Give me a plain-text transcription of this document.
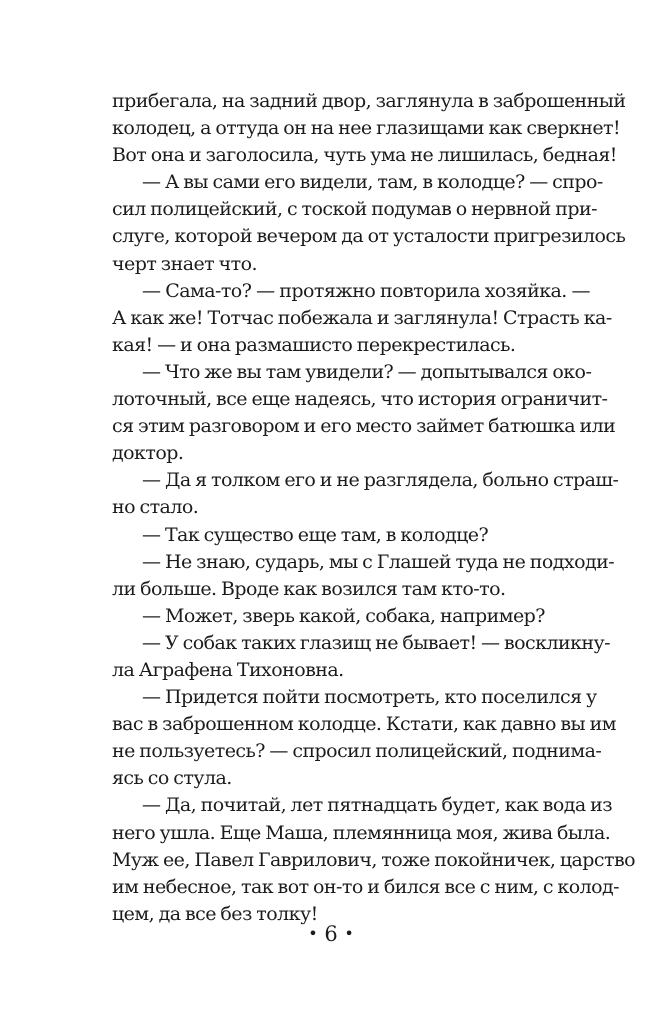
прибегала, на задний двор, заглянула в заброшенный
колодец, а оттуда он на нее глазищами как сверкнет!
Вот она и заголосила, чуть ума не лишилась, бедная!
— А вы сами его видели, там, в колодце? — спро-
сил полицейский, с тоской подумав о нервной при-
слуге, которой вечером да от усталости пригрезилось
черт знает что.
— Сама-то? — протяжно повторила хозяйка. —
А как же! Тотчас побежала и заглянула! Страсть ка-
кая! — и она размашисто перекрестилась.
— Что же вы там увидели? — допытывался око-
лоточный, все еще надеясь, что история ограничит-
ся этим разговором и его место займет батюшка или
доктор.
— Да я толком его и не разглядела, больно страш-
но стало.
— Так существо еще там, в колодце?
— Не знаю, сударь, мы с Глашей туда не подходи-
ли больше. Вроде как возился там кто-то.
— Может, зверь какой, собака, например?
— У собак таких глазищ не бывает! — воскликну-
ла Аграфена Тихоновна.
— Придется пойти посмотреть, кто поселился у
вас в заброшенном колодце. Кстати, как давно вы им
не пользуетесь? — спросил полицейский, поднима-
ясь со стула.
— Да, почитай, лет пятнадцать будет, как вода из
него ушла. Еще Маша, племянница моя, жива была.
Муж ее, Павел Гаврилович, тоже покойничек, царство
им небесное, так вот он-то и бился все с ним, с колод-
цем, да все без толку!
• 6 •
